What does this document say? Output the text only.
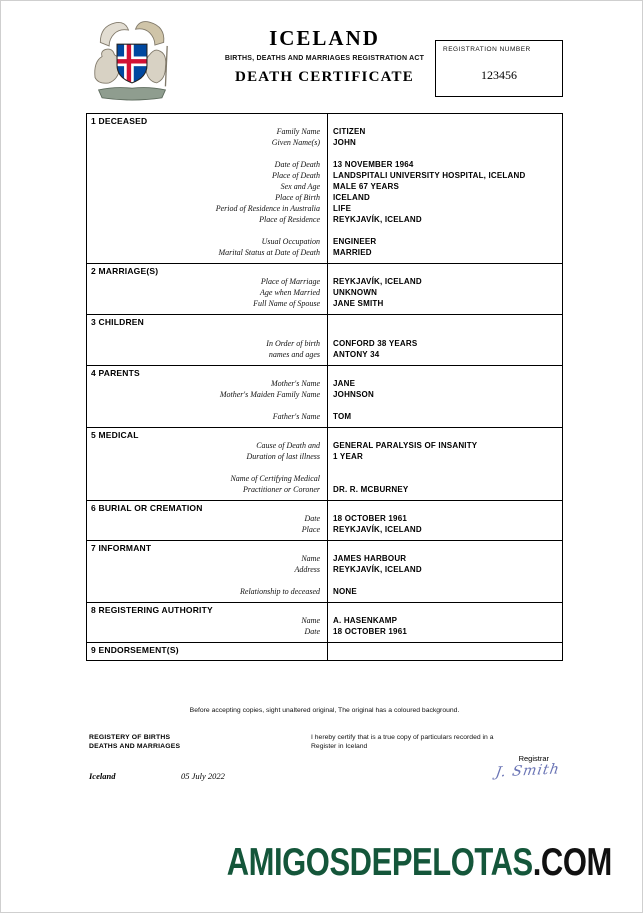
ICELAND
BIRTHS, DEATHS AND MARRIAGES REGISTRATION ACT
DEATH CERTIFICATE
REGISTRATION NUMBER
123456
1 DECEASED
Family Name	CITIZEN
Given Name(s)	JOHN
Date of Death	13 NOVEMBER 1964
Place of Death	LANDSPITALI UNIVERSITY HOSPITAL, ICELAND
Sex and Age	MALE 67 YEARS
Place of Birth	ICELAND
Period of Residence in Australia	LIFE
Place of Residence	REYKJAVÍK, ICELAND
Usual Occupation	ENGINEER
Marital Status at Date of Death	MARRIED
2 MARRIAGE(S)
Place of Marriage	REYKJAVÍK, ICELAND
Age when Married	UNKNOWN
Full Name of Spouse	JANE SMITH
3 CHILDREN
In Order of birth	CONFORD 38 YEARS
names and ages	ANTONY 34
4 PARENTS
Mother's Name	JANE
Mother's Maiden Family Name	JOHNSON
Father's Name	TOM
5 MEDICAL
Cause of Death and	GENERAL PARALYSIS OF INSANITY
Duration of last illness	1 YEAR
Name of Certifying Medical
Practitioner or Coroner	DR. R. MCBURNEY
6 BURIAL OR CREMATION
Date	18 OCTOBER 1961
Place	REYKJAVÍK, ICELAND
7 INFORMANT
Name	JAMES HARBOUR
Address	REYKJAVÍK, ICELAND
Relationship to deceased	NONE
8 REGISTERING AUTHORITY
Name	A. HASENKAMP
Date	18 OCTOBER 1961
9 ENDORSEMENT(S)
Before accepting copies, sight unaltered original, The original has a coloured background.
REGISTERY OF BIRTHS
DEATHS AND MARRIAGES
I hereby certify that is a true copy of particulars recorded in a
Register in Iceland
Registrar
Iceland	05 July 2022	J. Smith
AMIGOSDEPELOTAS.COM
